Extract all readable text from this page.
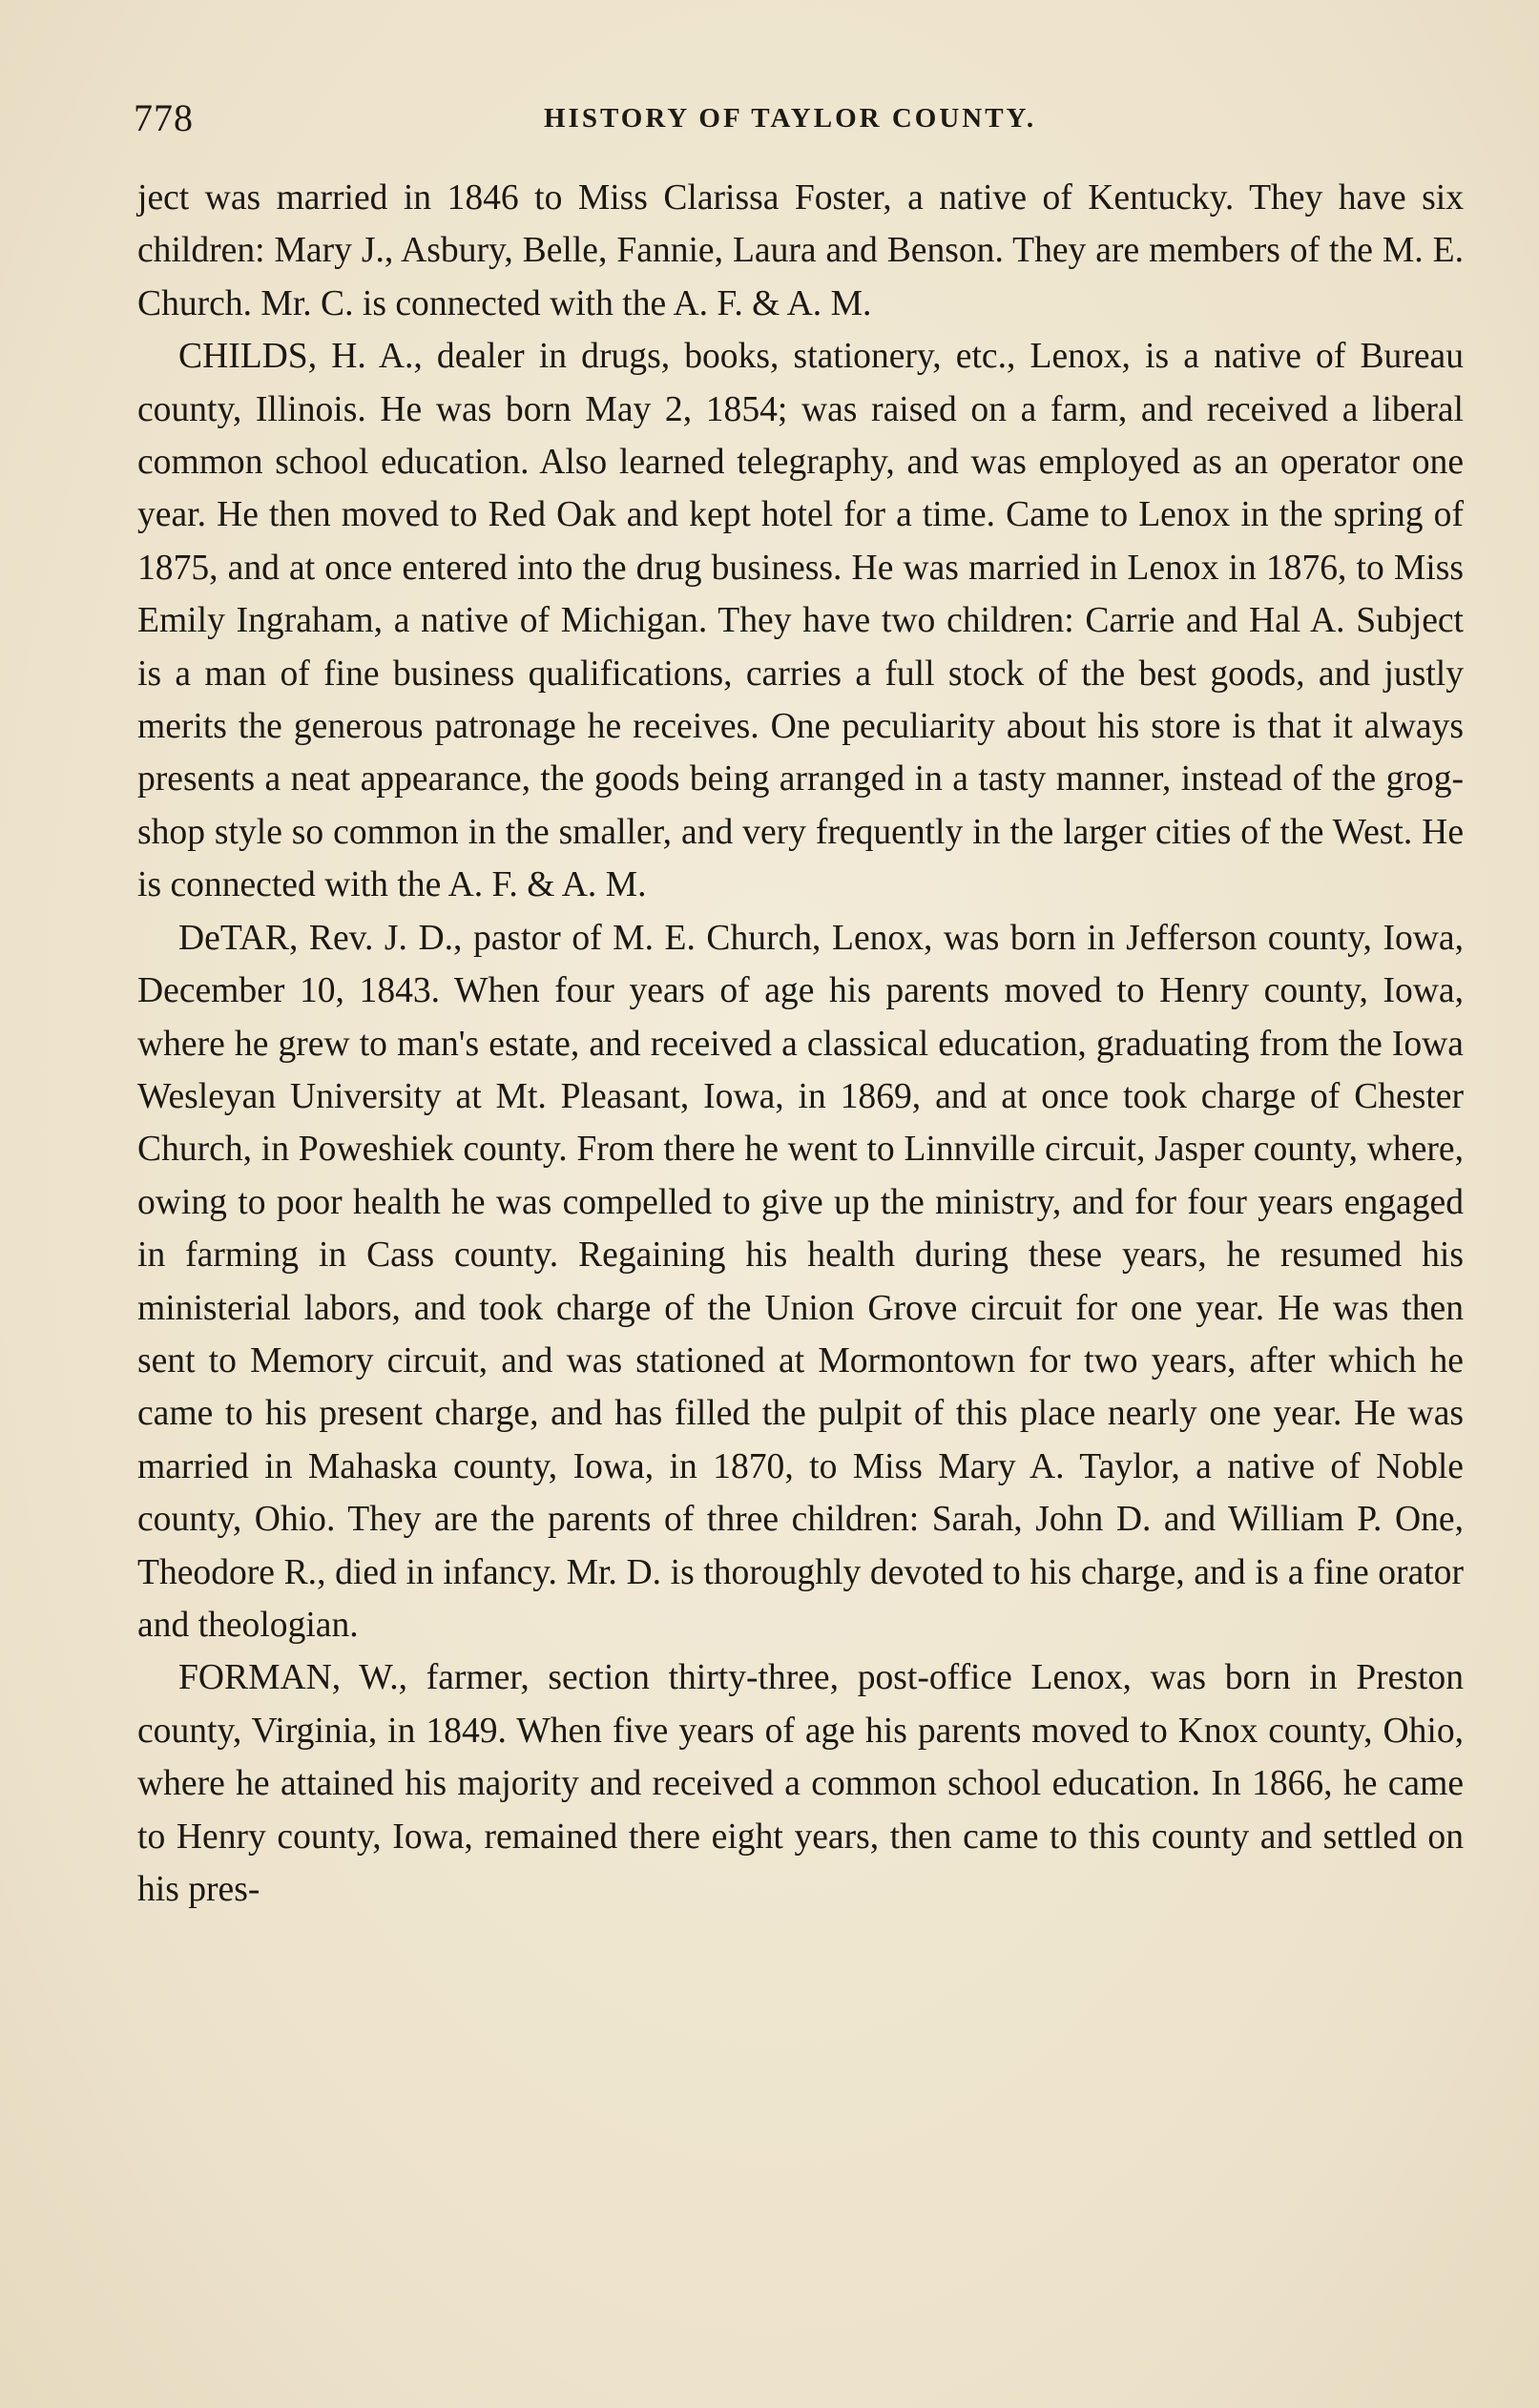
778	HISTORY OF TAYLOR COUNTY.

ject was married in 1846 to Miss Clarissa Foster, a native of Kentucky. They have six children: Mary J., Asbury, Belle, Fannie, Laura and Benson. They are members of the M. E. Church. Mr. C. is connected with the A. F. & A. M.

CHILDS, H. A., dealer in drugs, books, stationery, etc., Lenox, is a native of Bureau county, Illinois. He was born May 2, 1854; was raised on a farm, and received a liberal common school education. Also learned telegraphy, and was employed as an operator one year. He then moved to Red Oak and kept hotel for a time. Came to Lenox in the spring of 1875, and at once entered into the drug business. He was married in Lenox in 1876, to Miss Emily Ingraham, a native of Michigan. They have two children: Carrie and Hal A. Subject is a man of fine business qualifications, carries a full stock of the best goods, and justly merits the generous patronage he receives. One peculiarity about his store is that it always presents a neat appearance, the goods being arranged in a tasty manner, instead of the grog-shop style so common in the smaller, and very frequently in the larger cities of the West. He is connected with the A. F. & A. M.

DeTAR, Rev. J. D., pastor of M. E. Church, Lenox, was born in Jefferson county, Iowa, December 10, 1843. When four years of age his parents moved to Henry county, Iowa, where he grew to man's estate, and received a classical education, graduating from the Iowa Wesleyan University at Mt. Pleasant, Iowa, in 1869, and at once took charge of Chester Church, in Poweshiek county. From there he went to Linnville circuit, Jasper county, where, owing to poor health he was compelled to give up the ministry, and for four years engaged in farming in Cass county. Regaining his health during these years, he resumed his ministerial labors, and took charge of the Union Grove circuit for one year. He was then sent to Memory circuit, and was stationed at Mormontown for two years, after which he came to his present charge, and has filled the pulpit of this place nearly one year. He was married in Mahaska county, Iowa, in 1870, to Miss Mary A. Taylor, a native of Noble county, Ohio. They are the parents of three children: Sarah, John D. and William P. One, Theodore R., died in infancy. Mr. D. is thoroughly devoted to his charge, and is a fine orator and theologian.

FORMAN, W., farmer, section thirty-three, post-office Lenox, was born in Preston county, Virginia, in 1849. When five years of age his parents moved to Knox county, Ohio, where he attained his majority and received a common school education. In 1866, he came to Henry county, Iowa, remained there eight years, then came to this county and settled on his pres-
